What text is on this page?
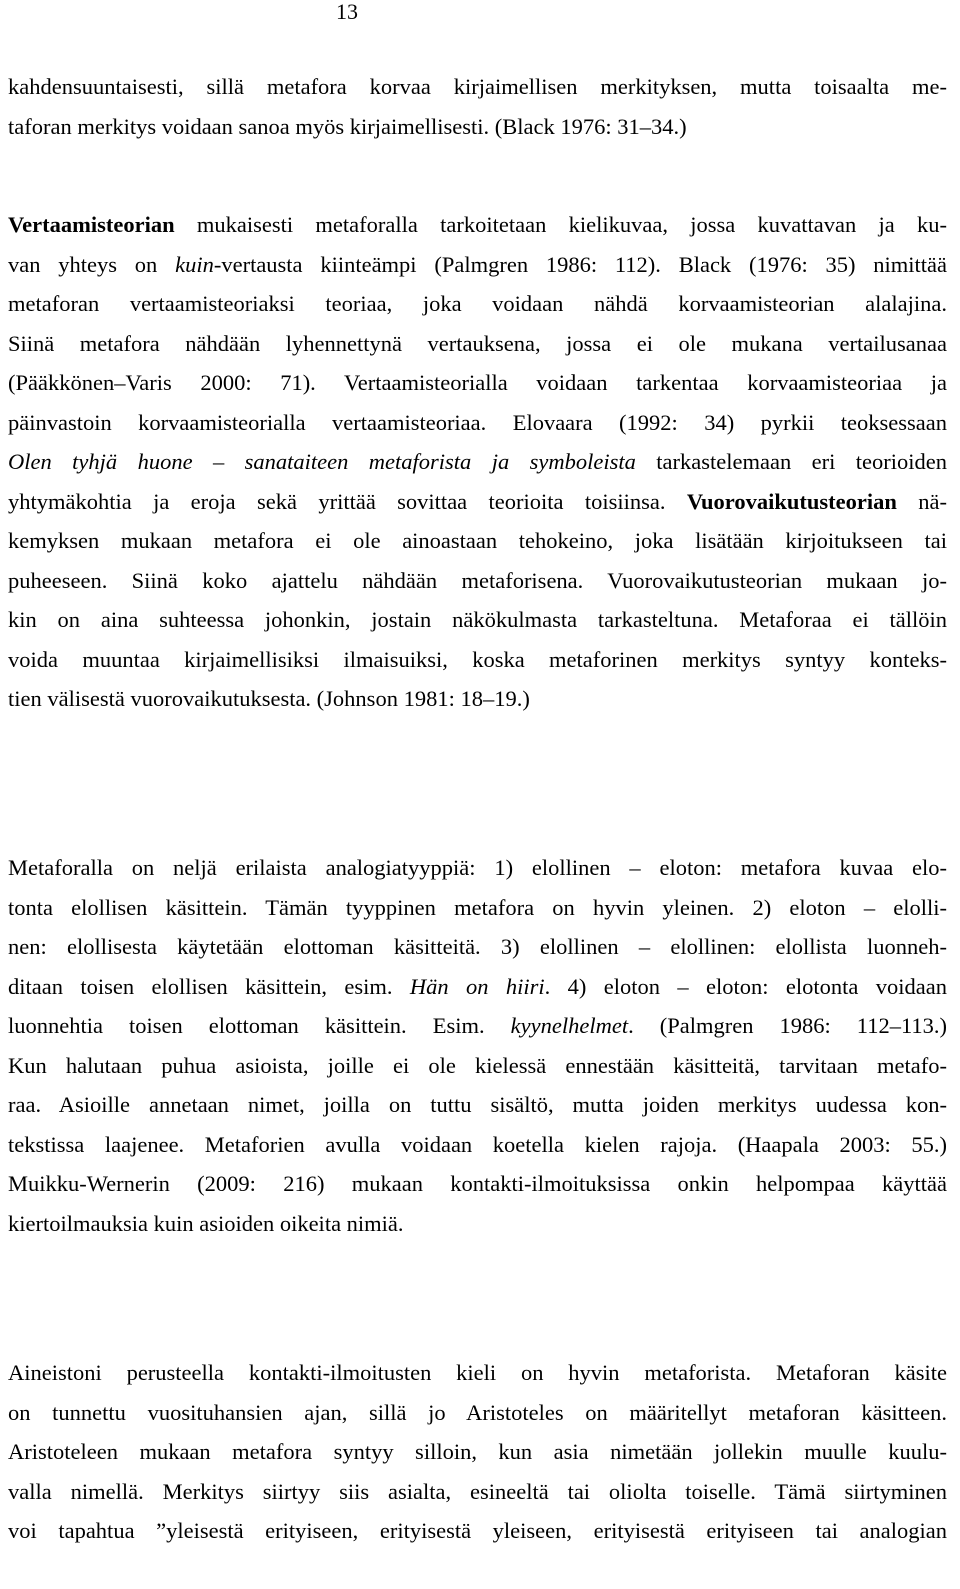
13

kahdensuuntaisesti, sillä metafora korvaa kirjaimellisen merkityksen, mutta toisaalta me-
taforan merkitys voidaan sanoa myös kirjaimellisesti. (Black 1976: 31–34.)

Vertaamisteorian mukaisesti metaforalla tarkoitetaan kielikuvaa, jossa kuvattavan ja ku-
van yhteys on kuin-vertausta kiinteämpi (Palmgren 1986: 112). Black (1976: 35) nimittää
metaforan vertaamisteoriaksi teoriaa, joka voidaan nähdä korvaamisteorian alalajina.
Siinä metafora nähdään lyhennettynä vertauksena, jossa ei ole mukana vertailusanaa
(Pääkkönen–Varis 2000: 71). Vertaamisteorialla voidaan tarkentaa korvaamisteoriaa ja
päinvastoin korvaamisteorialla vertaamisteoriaa. Elovaara (1992: 34) pyrkii teoksessaan
Olen tyhjä huone – sanataiteen metaforista ja symboleista tarkastelemaan eri teorioiden
yhtymäkohtia ja eroja sekä yrittää sovittaa teorioita toisiinsa. Vuorovaikutusteorian nä-
kemyksen mukaan metafora ei ole ainoastaan tehokeino, joka lisätään kirjoitukseen tai
puheeseen. Siinä koko ajattelu nähdään metaforisena. Vuorovaikutusteorian mukaan jo-
kin on aina suhteessa johonkin, jostain näkökulmasta tarkasteltuna. Metaforaa ei tällöin
voida muuntaa kirjaimellisiksi ilmaisuiksi, koska metaforinen merkitys syntyy konteks-
tien välisestä vuorovaikutuksesta. (Johnson 1981: 18–19.)

Metaforalla on neljä erilaista analogiatyyppiä: 1) elollinen – eloton: metafora kuvaa elo-
tonta elollisen käsittein. Tämän tyyppinen metafora on hyvin yleinen. 2) eloton – elolli-
nen: elollisesta käytetään elottoman käsitteitä. 3) elollinen – elollinen: elollista luonneh-
ditaan toisen elollisen käsittein, esim. Hän on hiiri. 4) eloton – eloton: elotonta voidaan
luonnehtia toisen elottoman käsittein. Esim. kyynelhelmet. (Palmgren 1986: 112–113.)
Kun halutaan puhua asioista, joille ei ole kielessä ennestään käsitteitä, tarvitaan metafo-
raa. Asioille annetaan nimet, joilla on tuttu sisältö, mutta joiden merkitys uudessa kon-
tekstissa laajenee. Metaforien avulla voidaan koetella kielen rajoja. (Haapala 2003: 55.)
Muikku-Wernerin (2009: 216) mukaan kontakti-ilmoituksissa onkin helpompaa käyttää
kiertoilmauksia kuin asioiden oikeita nimiä.

Aineistoni perusteella kontakti-ilmoitusten kieli on hyvin metaforista. Metaforan käsite
on tunnettu vuosituhansien ajan, sillä jo Aristoteles on määritellyt metaforan käsitteen.
Aristoteleen mukaan metafora syntyy silloin, kun asia nimetään jollekin muulle kuulu-
valla nimellä. Merkitys siirtyy siis asialta, esineeltä tai oliolta toiselle. Tämä siirtyminen
voi tapahtua ”yleisestä erityiseen, erityisestä yleiseen, erityisestä erityiseen tai analogian
